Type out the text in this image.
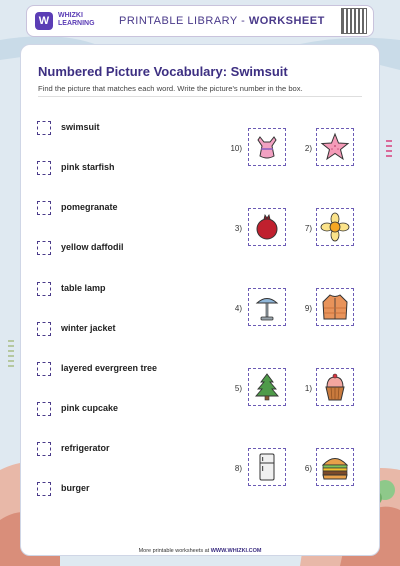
W	WHIZKI
LEARNING PRINTABLE LIBRARY - WORKSHEET
Numbered Picture Vocabulary: Swimsuit
Find the picture that matches each word. Write the picture's number in the box.
swimsuit
pink starfish
pomegranate
yellow daffodil
table lamp
winter jacket
layered evergreen tree
pink cupcake
refrigerator
burger
10)	2)
3)	7)
4)	9)
5)	1)
8)	6)
More printable worksheets at WWW.WHIZKI.COM
